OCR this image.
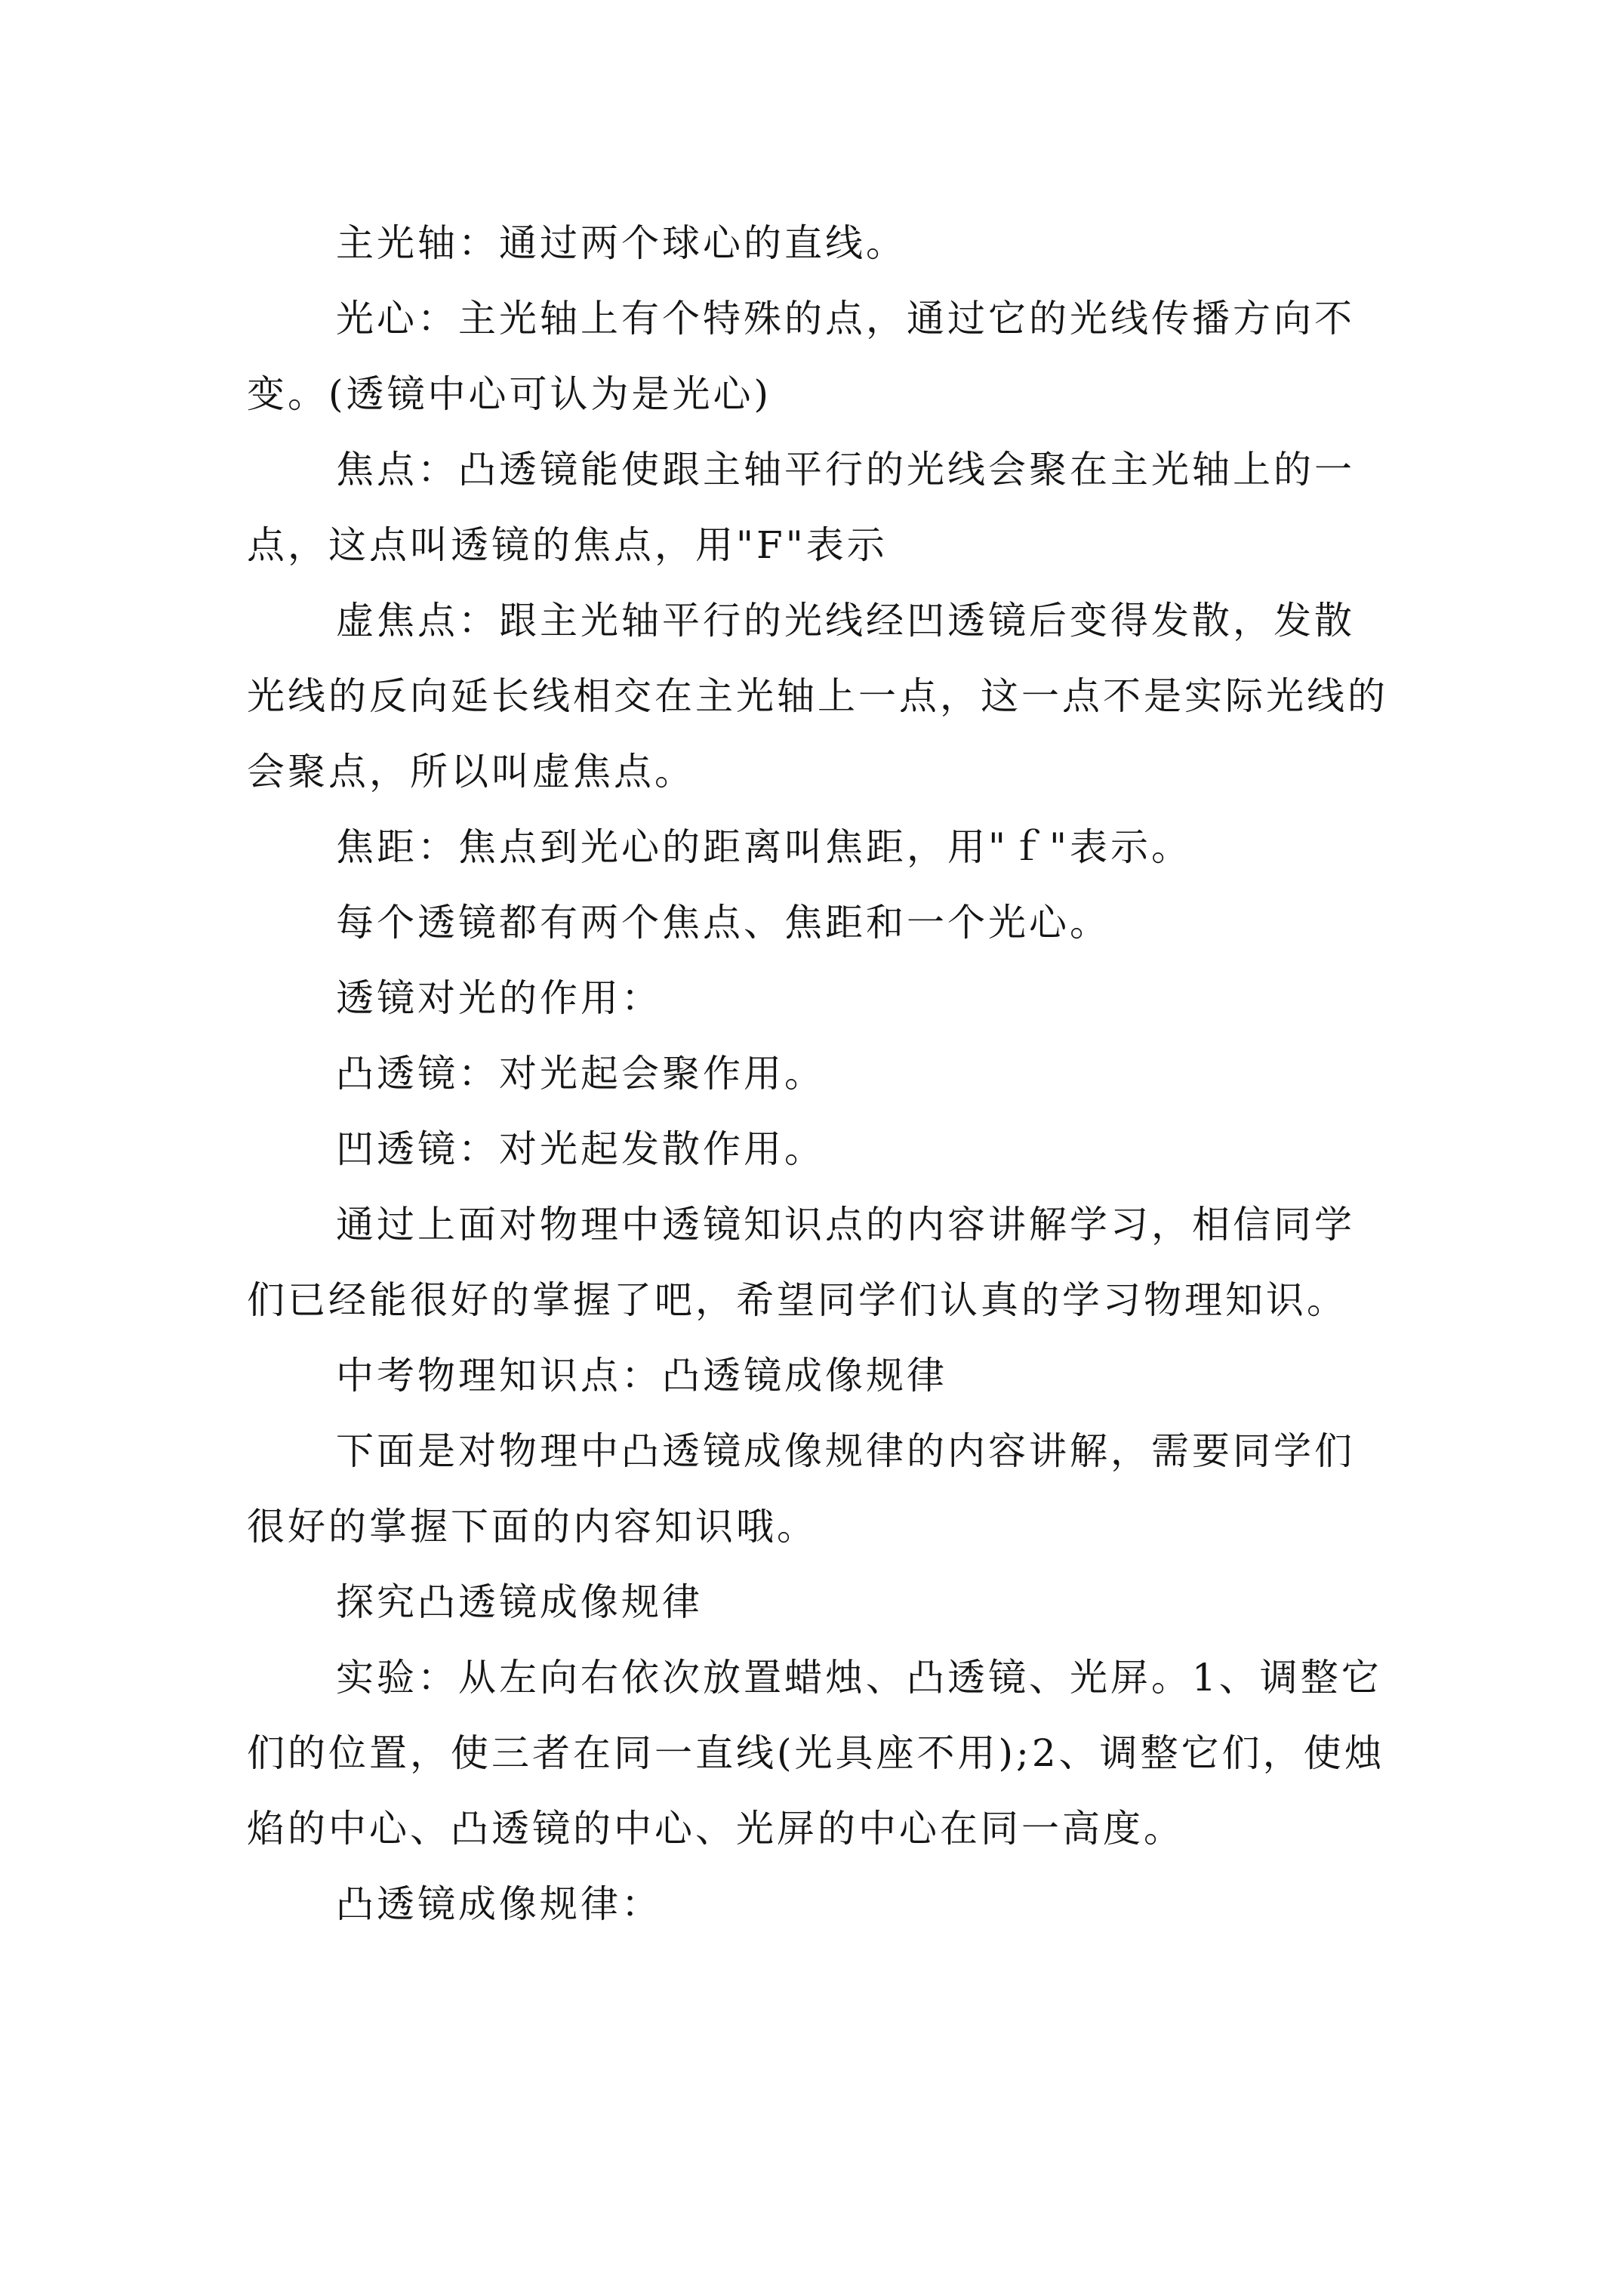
主光轴：通过两个球心的直线。

光心：主光轴上有个特殊的点，通过它的光线传播方向不变。(透镜中心可认为是光心)

焦点：凸透镜能使跟主轴平行的光线会聚在主光轴上的一点，这点叫透镜的焦点，用"F"表示

虚焦点：跟主光轴平行的光线经凹透镜后变得发散，发散光线的反向延长线相交在主光轴上一点，这一点不是实际光线的会聚点，所以叫虚焦点。

焦距：焦点到光心的距离叫焦距，用"ｆ"表示。

每个透镜都有两个焦点、焦距和一个光心。

透镜对光的作用：

凸透镜：对光起会聚作用。

凹透镜：对光起发散作用。

通过上面对物理中透镜知识点的内容讲解学习，相信同学们已经能很好的掌握了吧，希望同学们认真的学习物理知识。

中考物理知识点：凸透镜成像规律

下面是对物理中凸透镜成像规律的内容讲解，需要同学们很好的掌握下面的内容知识哦。

探究凸透镜成像规律

实验：从左向右依次放置蜡烛、凸透镜、光屏。1、调整它们的位置，使三者在同一直线(光具座不用);2、调整它们，使烛焰的中心、凸透镜的中心、光屏的中心在同一高度。

凸透镜成像规律：
